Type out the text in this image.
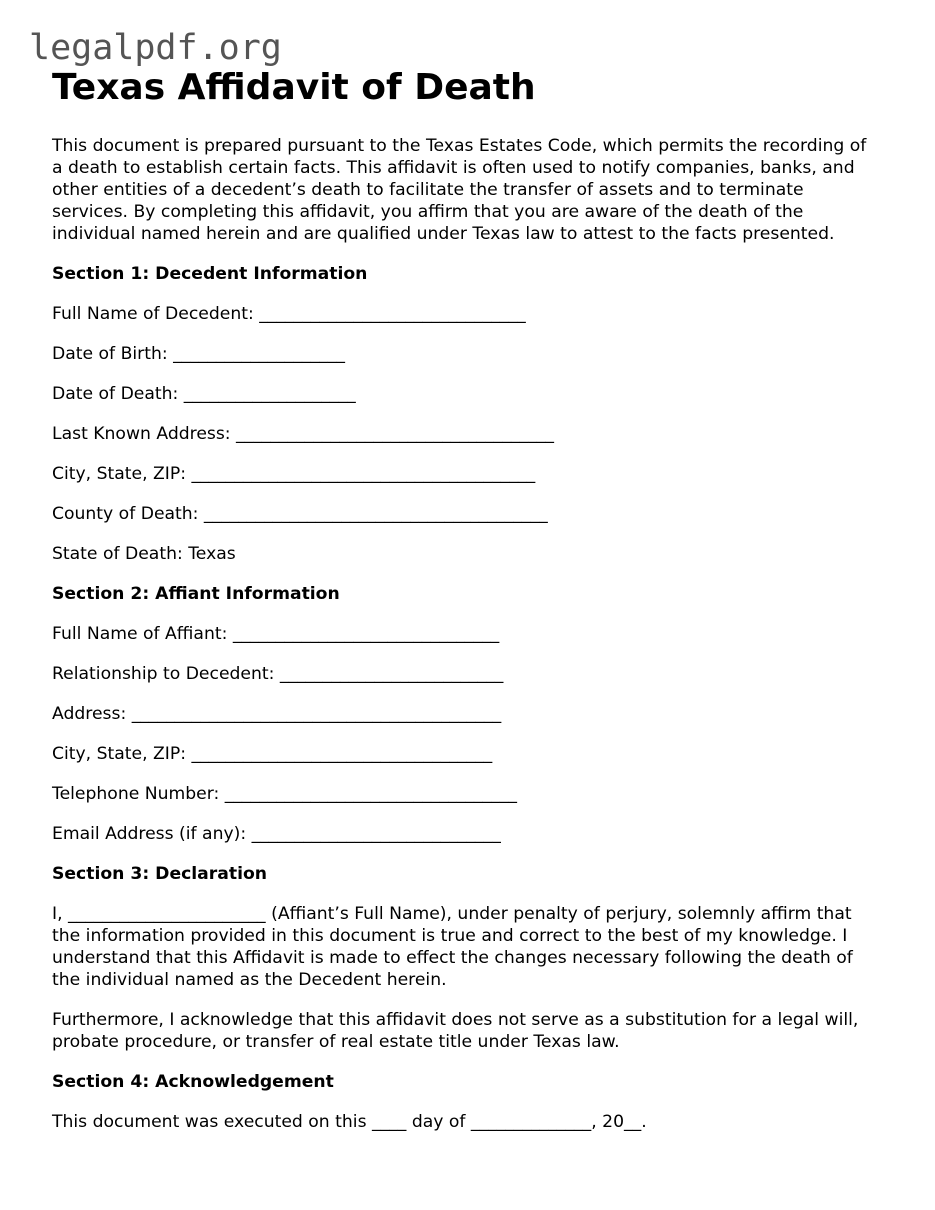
legalpdf.org
Texas Affidavit of Death

This document is prepared pursuant to the Texas Estates Code, which permits the recording of a death to establish certain facts. This affidavit is often used to notify companies, banks, and other entities of a decedent’s death to facilitate the transfer of assets and to terminate services. By completing this affidavit, you affirm that you are aware of the death of the individual named herein and are qualified under Texas law to attest to the facts presented.

Section 1: Decedent Information
Full Name of Decedent: _______________________________
Date of Birth: ____________________
Date of Death: ____________________
Last Known Address: _____________________________________
City, State, ZIP: ________________________________________
County of Death: ________________________________________
State of Death: Texas
Section 2: Affiant Information
Full Name of Affiant: _______________________________
Relationship to Decedent: __________________________
Address: ___________________________________________
City, State, ZIP: ___________________________________
Telephone Number: __________________________________
Email Address (if any): _____________________________
Section 3: Declaration

I, _______________________ (Affiant’s Full Name), under penalty of perjury, solemnly affirm that the information provided in this document is true and correct to the best of my knowledge. I understand that this Affidavit is made to effect the changes necessary following the death of the individual named as the Decedent herein.

Furthermore, I acknowledge that this affidavit does not serve as a substitution for a legal will, probate procedure, or transfer of real estate title under Texas law.

Section 4: Acknowledgement

This document was executed on this ____ day of ______________, 20__.
